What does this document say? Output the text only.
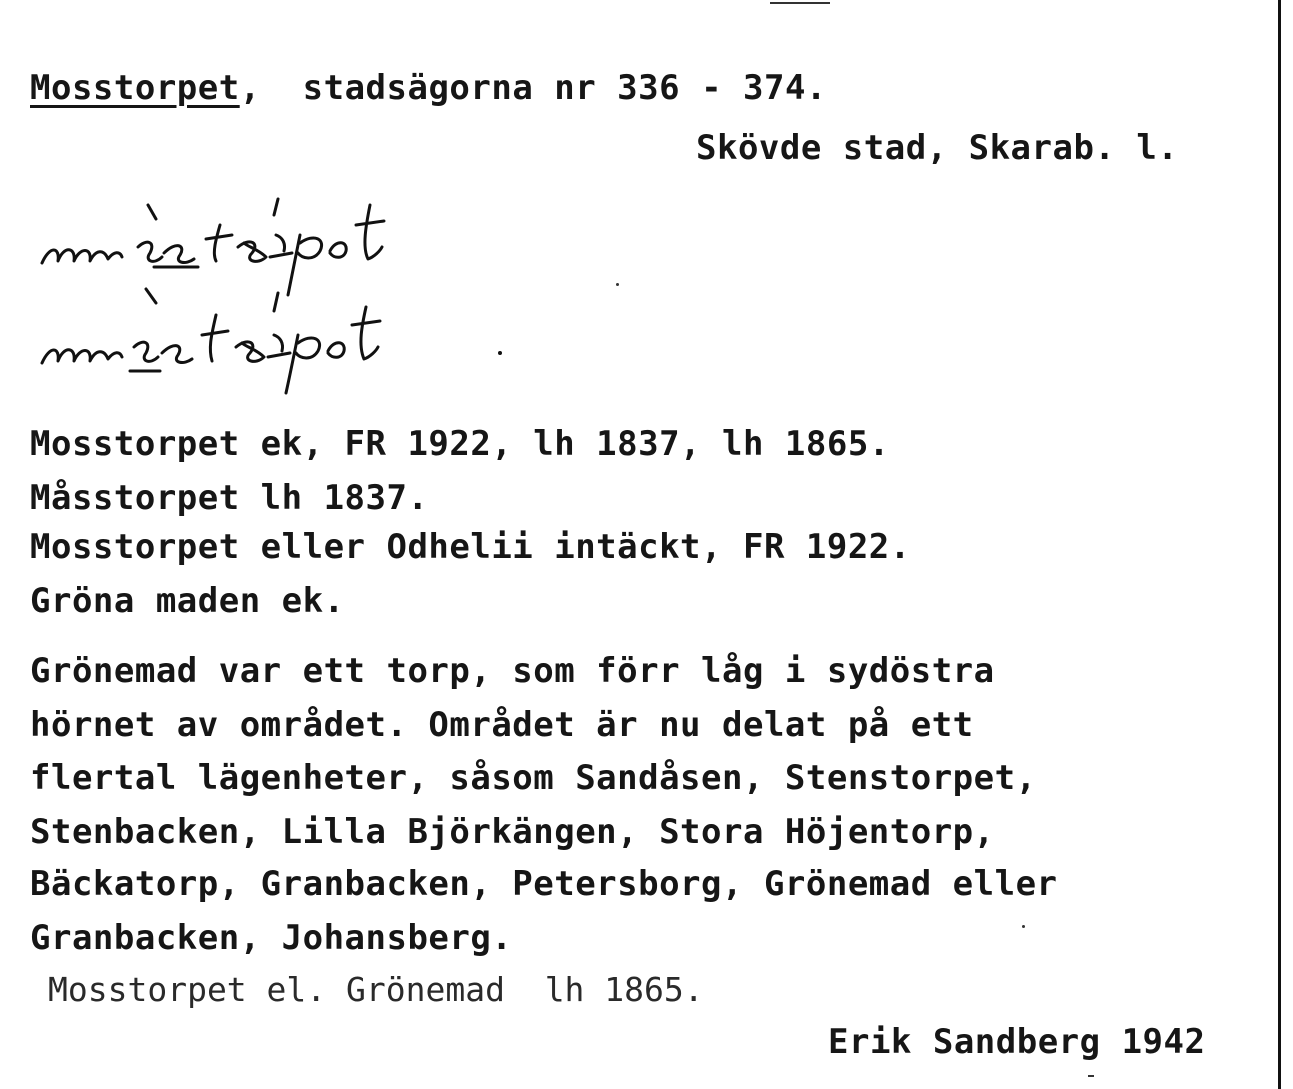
Mosstorpet, stadsägorna nr 336 - 374.
Skövde stad, Skarab. l.
Mosstorpet ek, FR 1922, lh 1837, lh 1865.
Måsstorpet lh 1837.
Mosstorpet eller Odhelii intäckt, FR 1922.
Gröna maden ek.
Grönemad var ett torp, som förr låg i sydöstra
hörnet av området. Området är nu delat på ett
flertal lägenheter, såsom Sandåsen, Stenstorpet,
Stenbacken, Lilla Björkängen, Stora Höjentorp,
Bäckatorp, Granbacken, Petersborg, Grönemad eller
Granbacken, Johansberg.
Mosstorpet el. Grönemad  lh 1865.
Erik Sandberg 1942
